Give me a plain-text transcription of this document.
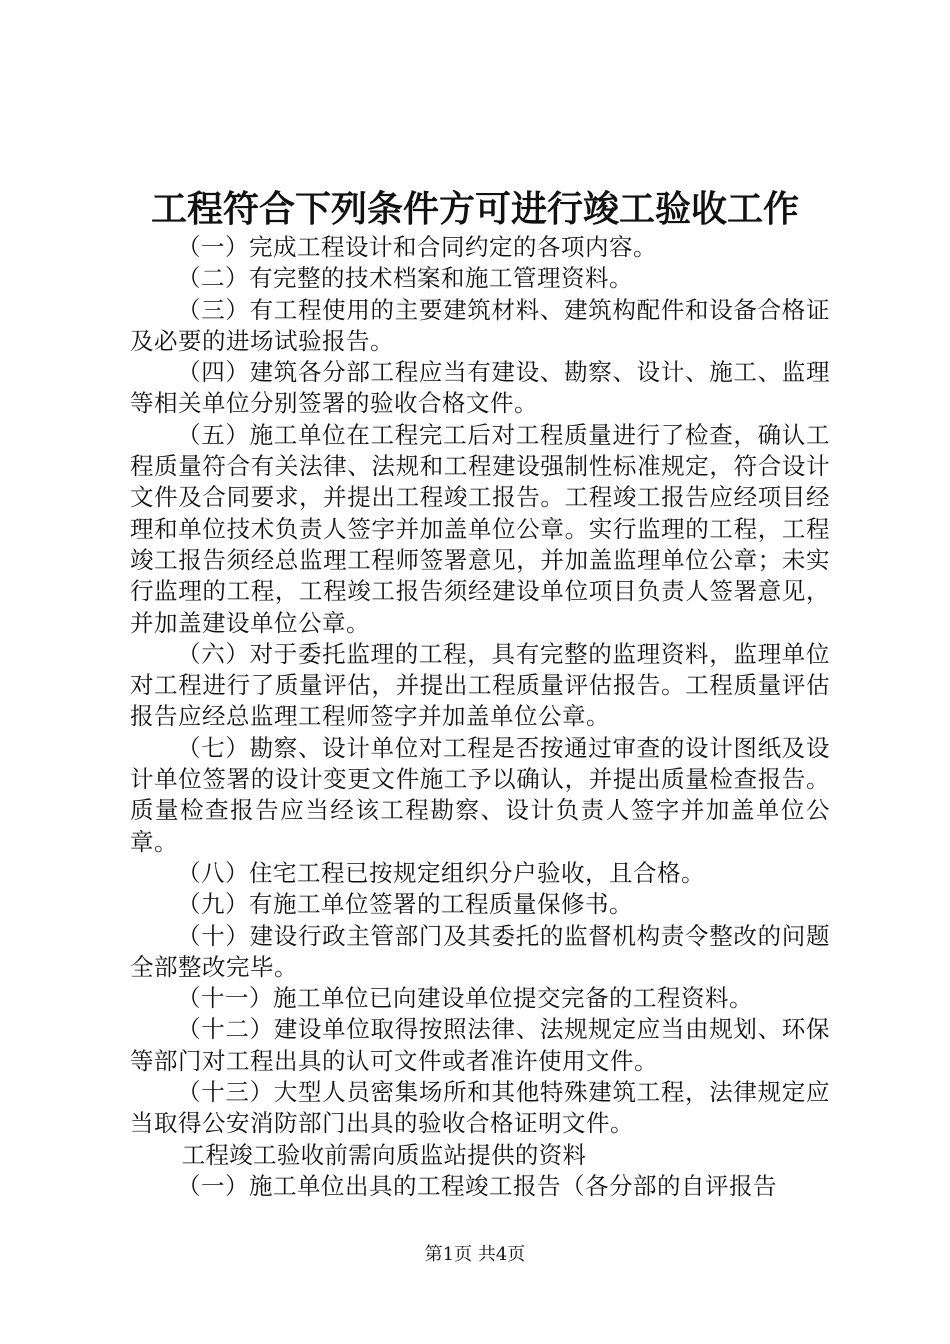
工程符合下列条件方可进行竣工验收工作

（一）完成工程设计和合同约定的各项内容。

（二）有完整的技术档案和施工管理资料。

（三）有工程使用的主要建筑材料、建筑构配件和设备合格证及必要的进场试验报告。

（四）建筑各分部工程应当有建设、勘察、设计、施工、监理等相关单位分别签署的验收合格文件。

（五）施工单位在工程完工后对工程质量进行了检查，确认工程质量符合有关法律、法规和工程建设强制性标准规定，符合设计文件及合同要求，并提出工程竣工报告。工程竣工报告应经项目经理和单位技术负责人签字并加盖单位公章。实行监理的工程，工程竣工报告须经总监理工程师签署意见，并加盖监理单位公章；未实行监理的工程，工程竣工报告须经建设单位项目负责人签署意见，并加盖建设单位公章。

（六）对于委托监理的工程，具有完整的监理资料，监理单位对工程进行了质量评估，并提出工程质量评估报告。工程质量评估报告应经总监理工程师签字并加盖单位公章。

（七）勘察、设计单位对工程是否按通过审查的设计图纸及设计单位签署的设计变更文件施工予以确认，并提出质量检查报告。质量检查报告应当经该工程勘察、设计负责人签字并加盖单位公章。

（八）住宅工程已按规定组织分户验收，且合格。

（九）有施工单位签署的工程质量保修书。

（十）建设行政主管部门及其委托的监督机构责令整改的问题全部整改完毕。

（十一）施工单位已向建设单位提交完备的工程资料。

（十二）建设单位取得按照法律、法规规定应当由规划、环保等部门对工程出具的认可文件或者准许使用文件。

（十三）大型人员密集场所和其他特殊建筑工程，法律规定应当取得公安消防部门出具的验收合格证明文件。

工程竣工验收前需向质监站提供的资料

（一）施工单位出具的工程竣工报告（各分部的自评报告

第1页 共4页
